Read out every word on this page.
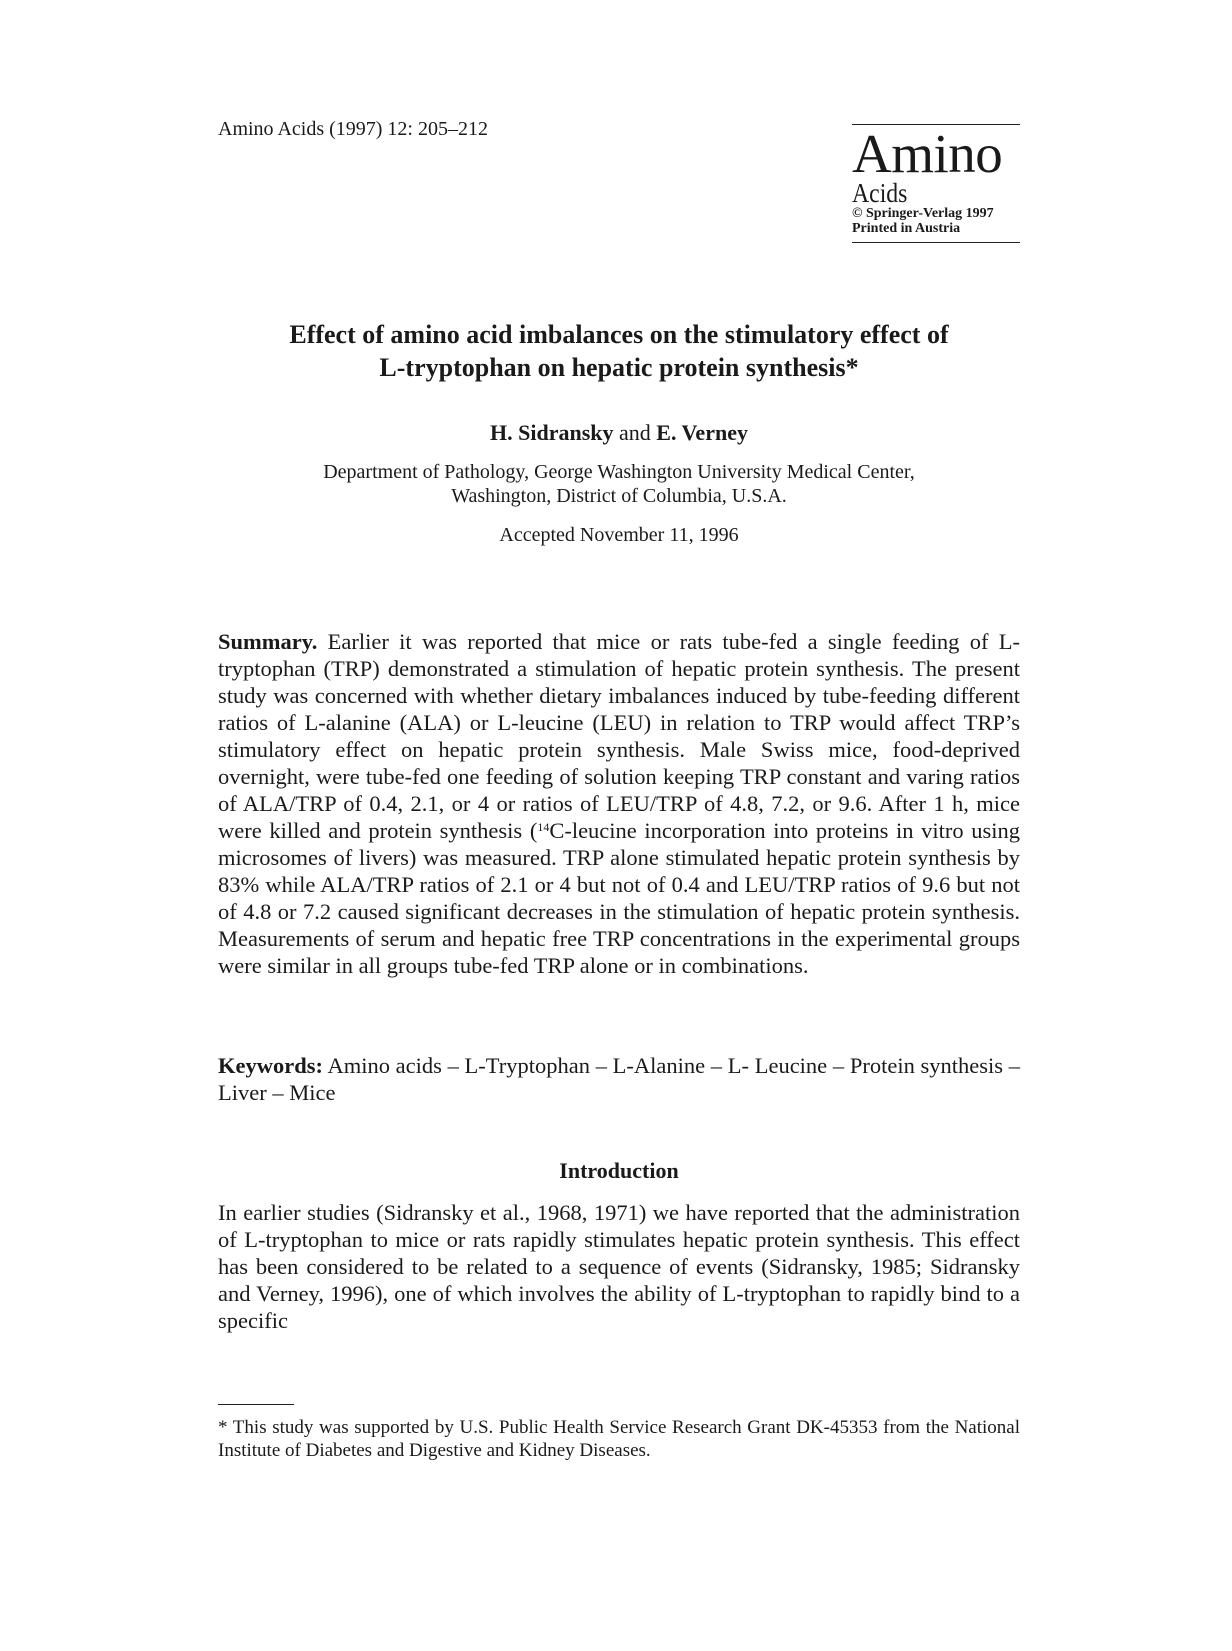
Amino Acids (1997) 12: 205–212	Amino
Acids
© Springer-Verlag 1997
Printed in Austria
Effect of amino acid imbalances on the stimulatory effect of
L-tryptophan on hepatic protein synthesis*
H. Sidransky and E. Verney
Department of Pathology, George Washington University Medical Center,
Washington, District of Columbia, U.S.A.
Accepted November 11, 1996

Summary. Earlier it was reported that mice or rats tube-fed a single feeding of L-tryptophan (TRP) demonstrated a stimulation of hepatic protein synthesis. The present study was concerned with whether dietary imbalances induced by tube-feeding different ratios of L-alanine (ALA) or L-leucine (LEU) in relation to TRP would affect TRP’s stimulatory effect on hepatic protein synthesis. Male Swiss mice, food-deprived overnight, were tube-fed one feeding of solution keeping TRP constant and varing ratios of ALA/TRP of 0.4, 2.1, or 4 or ratios of LEU/TRP of 4.8, 7.2, or 9.6. After 1 h, mice were killed and protein synthesis ($^{14}$C-leucine incorporation into proteins in vitro using microsomes of livers) was measured. TRP alone stimulated hepatic protein synthesis by 83% while ALA/TRP ratios of 2.1 or 4 but not of 0.4 and LEU/TRP ratios of 9.6 but not of 4.8 or 7.2 caused significant decreases in the stimulation of hepatic protein synthesis. Measurements of serum and hepatic free TRP concentrations in the experimental groups were similar in all groups tube-fed TRP alone or in combinations.

Keywords: Amino acids – L-Tryptophan – L-Alanine – L- Leucine – Protein synthesis – Liver – Mice

Introduction

In earlier studies (Sidransky et al., 1968, 1971) we have reported that the administration of L-tryptophan to mice or rats rapidly stimulates hepatic protein synthesis. This effect has been considered to be related to a sequence of events (Sidransky, 1985; Sidransky and Verney, 1996), one of which involves the ability of L-tryptophan to rapidly bind to a specific

* This study was supported by U.S. Public Health Service Research Grant DK-45353 from the National Institute of Diabetes and Digestive and Kidney Diseases.
